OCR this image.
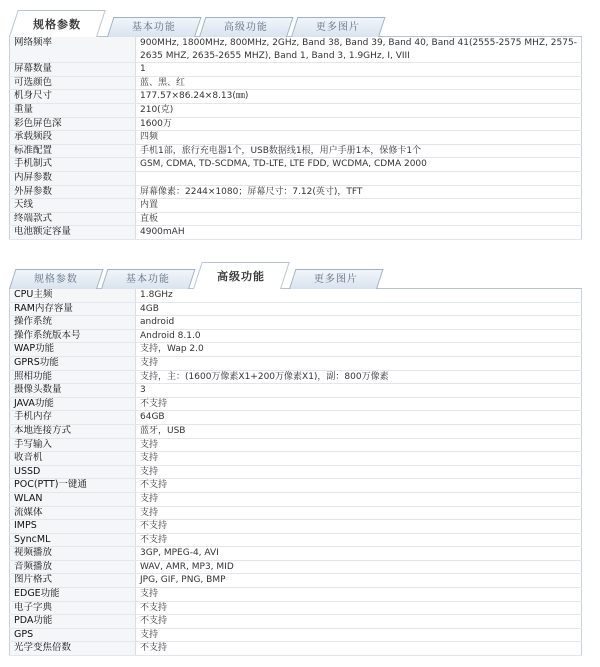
规格参数	基本功能	高级功能	更多图片
网络频率	900MHz, 1800MHz, 800MHz, 2GHz, Band 38, Band 39, Band 40, Band 41(2555-2575 MHZ, 2575-2635 MHZ, 2635-2655 MHZ), Band 1, Band 3, 1.9GHz, I, VIII
屏幕数量	1
可选颜色	蓝、黑、红
机身尺寸	177.57×86.24×8.13(㎜)
重量	210(克)
彩色屏色深	1600万
承载频段	四频
标准配置	手机1部，旅行充电器1个，USB数据线1根，用户手册1本，保修卡1个
手机制式	GSM, CDMA, TD-SCDMA, TD-LTE, LTE FDD, WCDMA, CDMA 2000
内屏参数	
外屏参数	屏幕像素：2244×1080；屏幕尺寸：7.12(英寸)，TFT
天线	内置
终端款式	直板
电池额定容量	4900mAH
规格参数	基本功能	高级功能	更多图片
CPU主频	1.8GHz
RAM内存容量	4GB
操作系统	android
操作系统版本号	Android 8.1.0
WAP功能	支持，Wap 2.0
GPRS功能	支持
照相功能	支持，主：(1600万像素X1+200万像素X1)，副：800万像素
摄像头数量	3
JAVA功能	不支持
手机内存	64GB
本地连接方式	蓝牙，USB
手写输入	支持
收音机	支持
USSD	支持
POC(PTT)一键通	不支持
WLAN	支持
流媒体	支持
IMPS	不支持
SyncML	不支持
视频播放	3GP, MPEG-4, AVI
音频播放	WAV, AMR, MP3, MID
图片格式	JPG, GIF, PNG, BMP
EDGE功能	支持
电子字典	不支持
PDA功能	不支持
GPS	支持
光学变焦倍数	不支持
